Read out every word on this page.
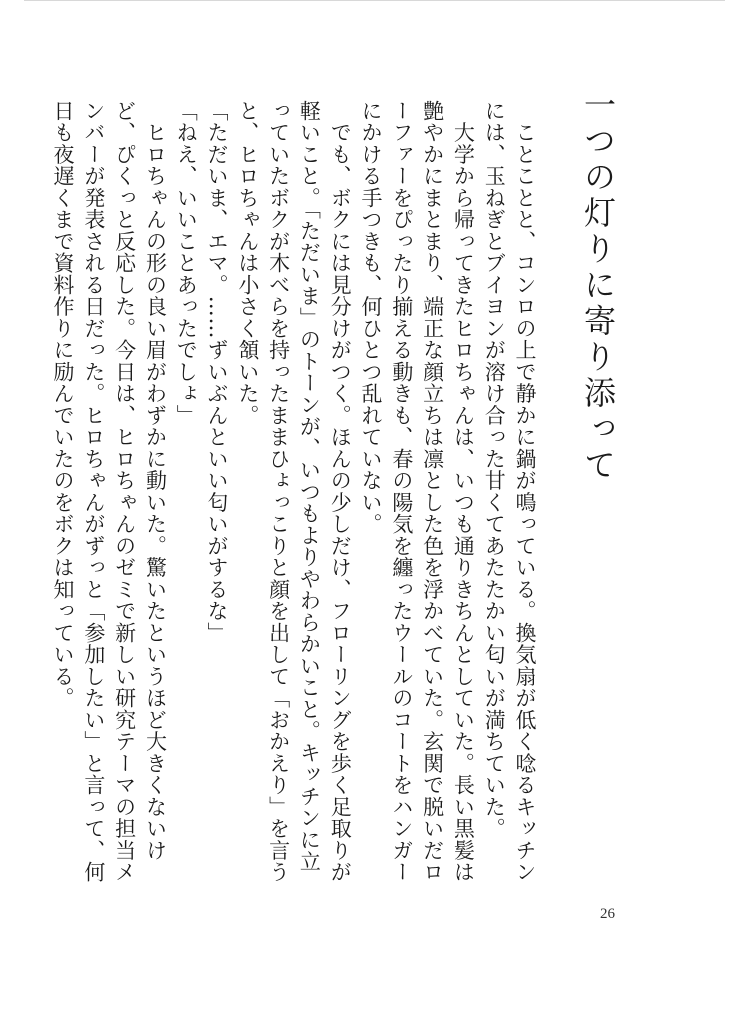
一つの灯りに寄り添って

　ことことと、コンロの上で静かに鍋が鳴っている。換気扇が低く唸るキッチンには、玉ねぎとブイヨンが溶け合った甘くてあたたかい匂いが満ちていた。

　大学から帰ってきたヒロちゃんは、いつも通りきちんとしていた。長い黒髪は艶やかにまとまり、端正な顔立ちは凛とした色を浮かべていた。玄関で脱いだローファーをぴったり揃える動きも、春の陽気を纏ったウールのコートをハンガーにかける手つきも、何ひとつ乱れていない。

　でも、ボクには見分けがつく。ほんの少しだけ、フローリングを歩く足取りが軽いこと。「ただいま」のトーンが、いつもよりやわらかいこと。キッチンに立っていたボクが木べらを持ったままひょっこりと顔を出して「おかえり」を言うと、ヒロちゃんは小さく頷いた。

「ただいま、エマ。……ずいぶんといい匂いがするな」

「ねえ、いいことあったでしょ」

　ヒロちゃんの形の良い眉がわずかに動いた。驚いたというほど大きくないけど、ぴくっと反応した。今日は、ヒロちゃんのゼミで新しい研究テーマの担当メンバーが発表される日だった。ヒロちゃんがずっと「参加したい」と言って、何日も夜遅くまで資料作りに励んでいたのをボクは知っている。

26
